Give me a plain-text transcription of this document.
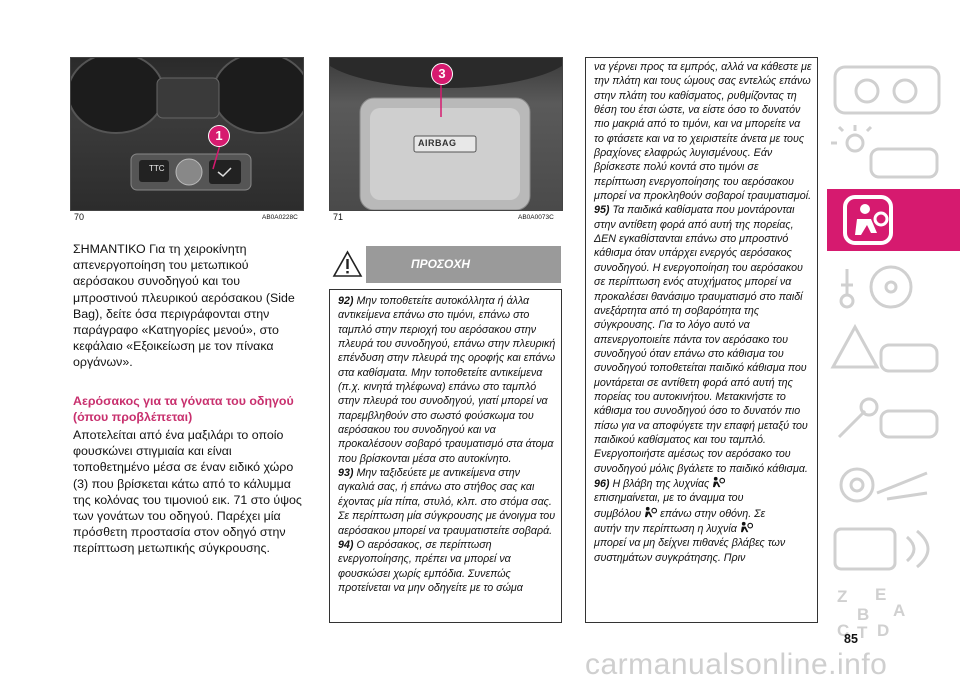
TTC
1
70	AB0A0228C
AIRBAG
3
71	AB0A0073C
ΣΗΜΑΝΤΙΚΟ Για τη χειροκίνητη απενεργοποίηση του μετωπικού αερόσακου συνοδηγού και του μπροστινού πλευρικού αερόσακου (Side Bag), δείτε όσα περιγράφονται στην παράγραφο «Κατηγορίες μενού», στο κεφάλαιο «Εξοικείωση με τον πίνακα οργάνων».
Αερόσακος για τα γόνατα του οδηγού (όπου προβλέπεται)
Αποτελείται από ένα μαξιλάρι το οποίο φουσκώνει στιγμιαία και είναι τοποθετημένο μέσα σε έναν ειδικό χώρο (3) που βρίσκεται κάτω από το κάλυμμα της κολόνας του τιμονιού εικ. 71 στο ύψος των γονάτων του οδηγού. Παρέχει μία πρόσθετη προστασία στον οδηγό στην περίπτωση μετωπικής σύγκρουσης.
ΠΡΟΣΟΧΗ
92) Μην τοποθετείτε αυτοκόλλητα ή άλλα αντικείμενα επάνω στο τιμόνι, επάνω στο ταμπλό στην περιοχή του αερόσακου στην πλευρά του συνοδηγού, επάνω στην πλευρική επένδυση στην πλευρά της οροφής και επάνω στα καθίσματα. Μην τοποθετείτε αντικείμενα (π.χ. κινητά τηλέφωνα) επάνω στο ταμπλό στην πλευρά του συνοδηγού, γιατί μπορεί να παρεμβληθούν στο σωστό φούσκωμα του αερόσακου του συνοδηγού και να προκαλέσουν σοβαρό τραυματισμό στα άτομα που βρίσκονται μέσα στο αυτοκίνητο.
93) Μην ταξιδεύετε με αντικείμενα στην αγκαλιά σας, ή επάνω στο στήθος σας και έχοντας μία πίπα, στυλό, κλπ. στο στόμα σας. Σε περίπτωση μία σύγκρουσης με άνοιγμα του αερόσακου μπορεί να τραυματιστείτε σοβαρά.
94) Ο αερόσακος, σε περίπτωση ενεργοποίησης, πρέπει να μπορεί να φουσκώσει χωρίς εμπόδια. Συνεπώς προτείνεται να μην οδηγείτε με το σώμα
να γέρνει προς τα εμπρός, αλλά να κάθεστε με την πλάτη και τους ώμους σας εντελώς επάνω στην πλάτη του καθίσματος, ρυθμίζοντας τη θέση του έτσι ώστε, να είστε όσο το δυνατόν πιο μακριά από το τιμόνι, και να μπορείτε να το φτάσετε και να το χειριστείτε άνετα με τους βραχίονες ελαφρώς λυγισμένους. Εάν βρίσκεστε πολύ κοντά στο τιμόνι σε περίπτωση ενεργοποίησης του αερόσακου μπορεί να προκληθούν σοβαροί τραυματισμοί.
95) Τα παιδικά καθίσματα που μοντάρονται στην αντίθετη φορά από αυτή της πορείας, ΔΕΝ εγκαθίστανται επάνω στο μπροστινό κάθισμα όταν υπάρχει ενεργός αερόσακος συνοδηγού. Η ενεργοποίηση του αερόσακου σε περίπτωση ενός ατυχήματος μπορεί να προκαλέσει θανάσιμο τραυματισμό στο παιδί ανεξάρτητα από τη σοβαρότητα της σύγκρουσης. Για το λόγο αυτό να απενεργοποιείτε πάντα τον αερόσακο του συνοδηγού όταν επάνω στο κάθισμα του συνοδηγού τοποθετείται παιδικό κάθισμα που μοντάρεται σε αντίθετη φορά από αυτή της πορείας του αυτοκινήτου. Μετακινήστε το κάθισμα του συνοδηγού όσο το δυνατόν πιο πίσω για να αποφύγετε την επαφή μεταξύ του παιδικού καθίσματος και του ταμπλό. Ενεργοποιήστε αμέσως τον αερόσακο του συνοδηγού μόλις βγάλετε το παιδικό κάθισμα.
96) Η βλάβη της λυχνίας
επισημαίνεται, με το άναμμα του
συμβόλου επάνω στην οθόνη. Σε
αυτήν την περίπτωση η λυχνία
μπορεί να μη δείχνει πιθανές βλάβες των συστημάτων συγκράτησης. Πριν
Z E
B
C T D
A
85
carmanualsonline.info
